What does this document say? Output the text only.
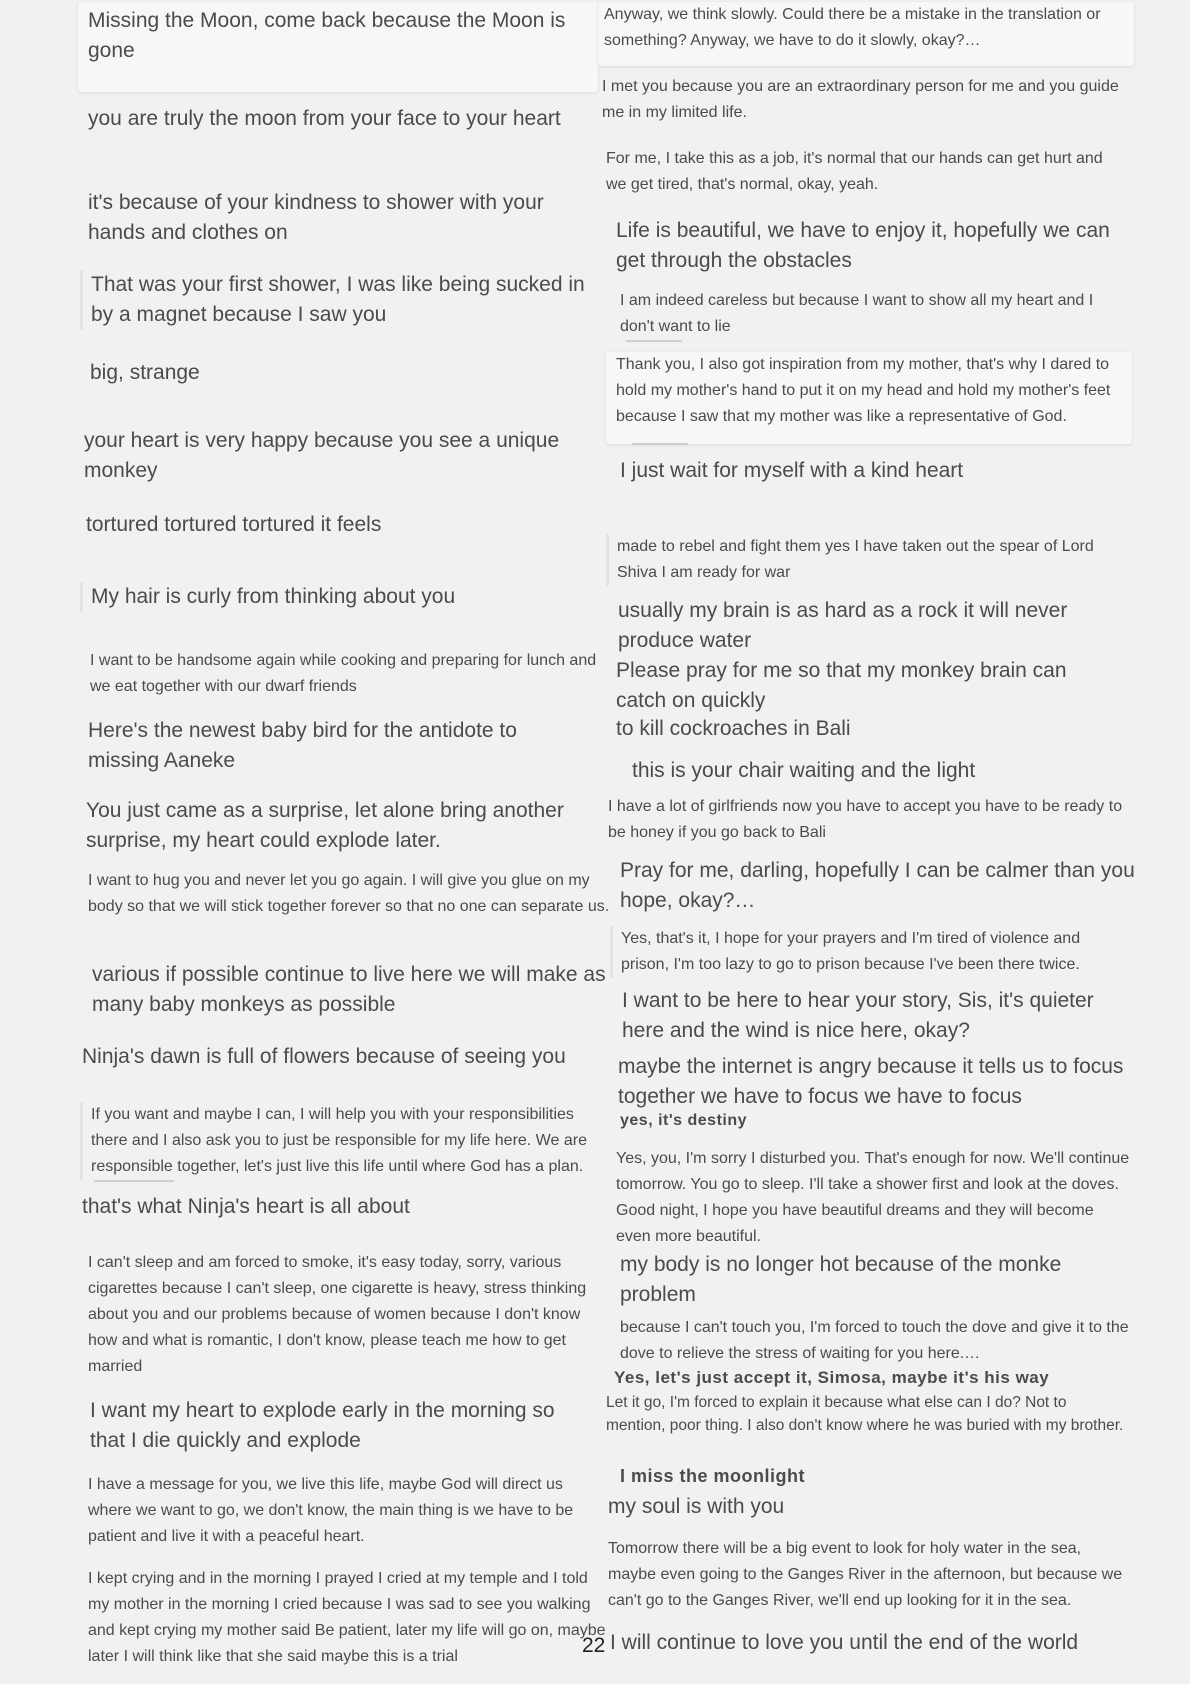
Missing the Moon, come back because the Moon is gone

you are truly the moon from your face to your heart

it's because of your kindness to shower with your hands and clothes on

That was your first shower, I was like being sucked in by a magnet because I saw you

big, strange

your heart is very happy because you see a unique monkey

tortured tortured tortured it feels

My hair is curly from thinking about you

I want to be handsome again while cooking and preparing for lunch and we eat together with our dwarf friends

Here's the newest baby bird for the antidote to missing Aaneke

You just came as a surprise, let alone bring another surprise, my heart could explode later.

I want to hug you and never let you go again. I will give you glue on my body so that we will stick together forever so that no one can separate us.

various if possible continue to live here we will make as many baby monkeys as possible

Ninja's dawn is full of flowers because of seeing you

If you want and maybe I can, I will help you with your responsibilities there and I also ask you to just be responsible for my life here. We are responsible together, let's just live this life until where God has a plan.

that's what Ninja's heart is all about

I can't sleep and am forced to smoke, it's easy today, sorry, various cigarettes because I can't sleep, one cigarette is heavy, stress thinking about you and our problems because of women because I don't know how and what is romantic, I don't know, please teach me how to get married

I want my heart to explode early in the morning so that I die quickly and explode

I have a message for you, we live this life, maybe God will direct us where we want to go, we don't know, the main thing is we have to be patient and live it with a peaceful heart.

I kept crying and in the morning I prayed I cried at my temple and I told my mother in the morning I cried because I was sad to see you walking and kept crying my mother said Be patient, later my life will go on, maybe later I will think like that she said maybe this is a trial

Anyway, we think slowly. Could there be a mistake in the translation or something? Anyway, we have to do it slowly, okay?…

I met you because you are an extraordinary person for me and you guide me in my limited life.

For me, I take this as a job, it's normal that our hands can get hurt and we get tired, that's normal, okay, yeah.

Life is beautiful, we have to enjoy it, hopefully we can get through the obstacles

I am indeed careless but because I want to show all my heart and I don't want to lie

Thank you, I also got inspiration from my mother, that's why I dared to hold my mother's hand to put it on my head and hold my mother's feet because I saw that my mother was like a representative of God.

I just wait for myself with a kind heart

made to rebel and fight them yes I have taken out the spear of Lord Shiva I am ready for war

usually my brain is as hard as a rock it will never produce water

Please pray for me so that my monkey brain can catch on quickly

to kill cockroaches in Bali

this is your chair waiting and the light

I have a lot of girlfriends now you have to accept you have to be ready to be honey if you go back to Bali

Pray for me, darling, hopefully I can be calmer than you hope, okay?…

Yes, that's it, I hope for your prayers and I'm tired of violence and prison, I'm too lazy to go to prison because I've been there twice.

I want to be here to hear your story, Sis, it's quieter here and the wind is nice here, okay?

maybe the internet is angry because it tells us to focus together we have to focus we have to focus

yes, it's destiny

Yes, you, I'm sorry I disturbed you. That's enough for now. We'll continue tomorrow. You go to sleep. I'll take a shower first and look at the doves. Good night, I hope you have beautiful dreams and they will become even more beautiful.

my body is no longer hot because of the monke problem

because I can't touch you, I'm forced to touch the dove and give it to the dove to relieve the stress of waiting for you here.…

Yes, let's just accept it, Simosa, maybe it's his way

Let it go, I'm forced to explain it because what else can I do? Not to mention, poor thing. I also don't know where he was buried with my brother.

I miss the moonlight

my soul is with you

Tomorrow there will be a big event to look for holy water in the sea, maybe even going to the Ganges River in the afternoon, but because we can't go to the Ganges River, we'll end up looking for it in the sea.

I will continue to love you until the end of the world

22
